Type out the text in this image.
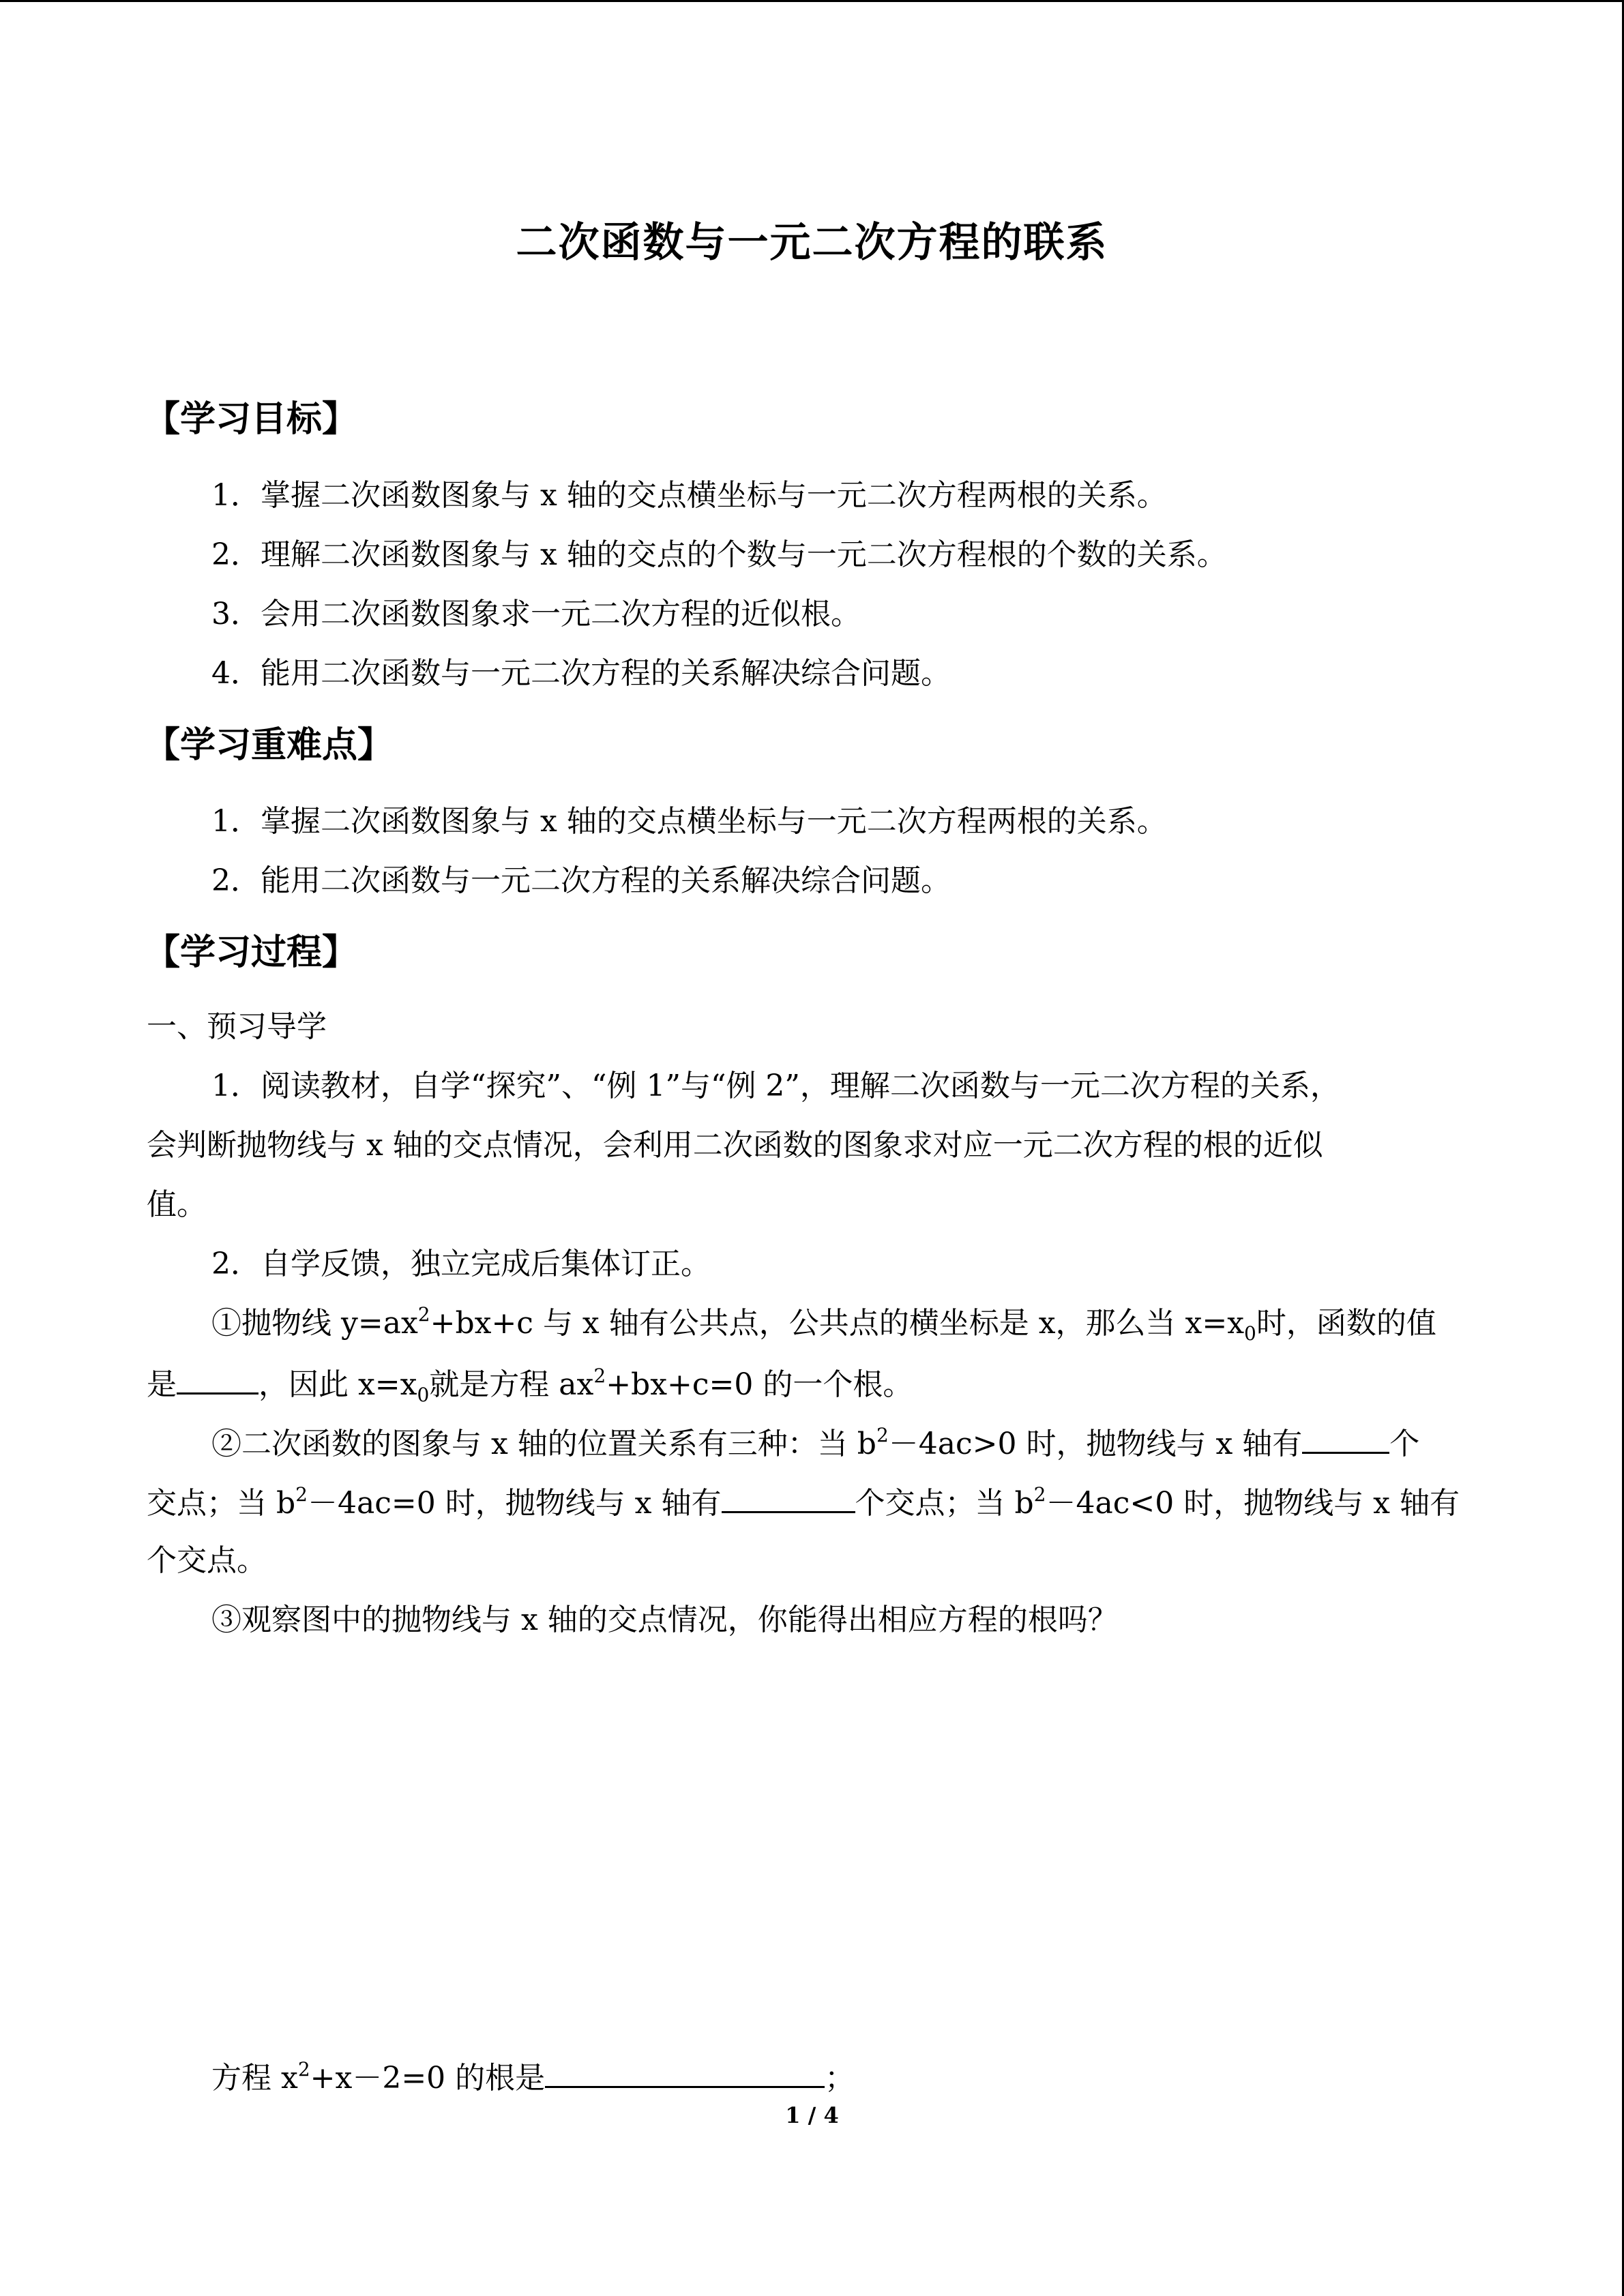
二次函数与一元二次方程的联系
【学习目标】
1．掌握二次函数图象与 x 轴的交点横坐标与一元二次方程两根的关系。
2．理解二次函数图象与 x 轴的交点的个数与一元二次方程根的个数的关系。
3．会用二次函数图象求一元二次方程的近似根。
4．能用二次函数与一元二次方程的关系解决综合问题。
【学习重难点】
1．掌握二次函数图象与 x 轴的交点横坐标与一元二次方程两根的关系。
2．能用二次函数与一元二次方程的关系解决综合问题。
【学习过程】
一、预习导学
1．阅读教材，自学“探究”、“例 1”与“例 2”，理解二次函数与一元二次方程的关系，
会判断抛物线与 x 轴的交点情况，会利用二次函数的图象求对应一元二次方程的根的近似
值。
2．自学反馈，独立完成后集体订正。
①抛物线 $y=ax^2+bx+c$ 与 x 轴有公共点，公共点的横坐标是 x，那么当 $x=x_0$时，函数的值
是	，因此 $x=x_0$就是方程 $ax^2+bx+c=0$ 的一个根。
②二次函数的图象与 x 轴的位置关系有三种：当 $b^2-4ac>0$ 时，抛物线与 x 轴有	个
交点；当 $b^2-4ac=0$ 时，抛物线与 x 轴有	个交点；当 $b^2-4ac<0$ 时，抛物线与 x 轴有
个交点。
③观察图中的抛物线与 x 轴的交点情况，你能得出相应方程的根吗？
方程 $x^2+x-2=0$ 的根是	；
1 / 4
